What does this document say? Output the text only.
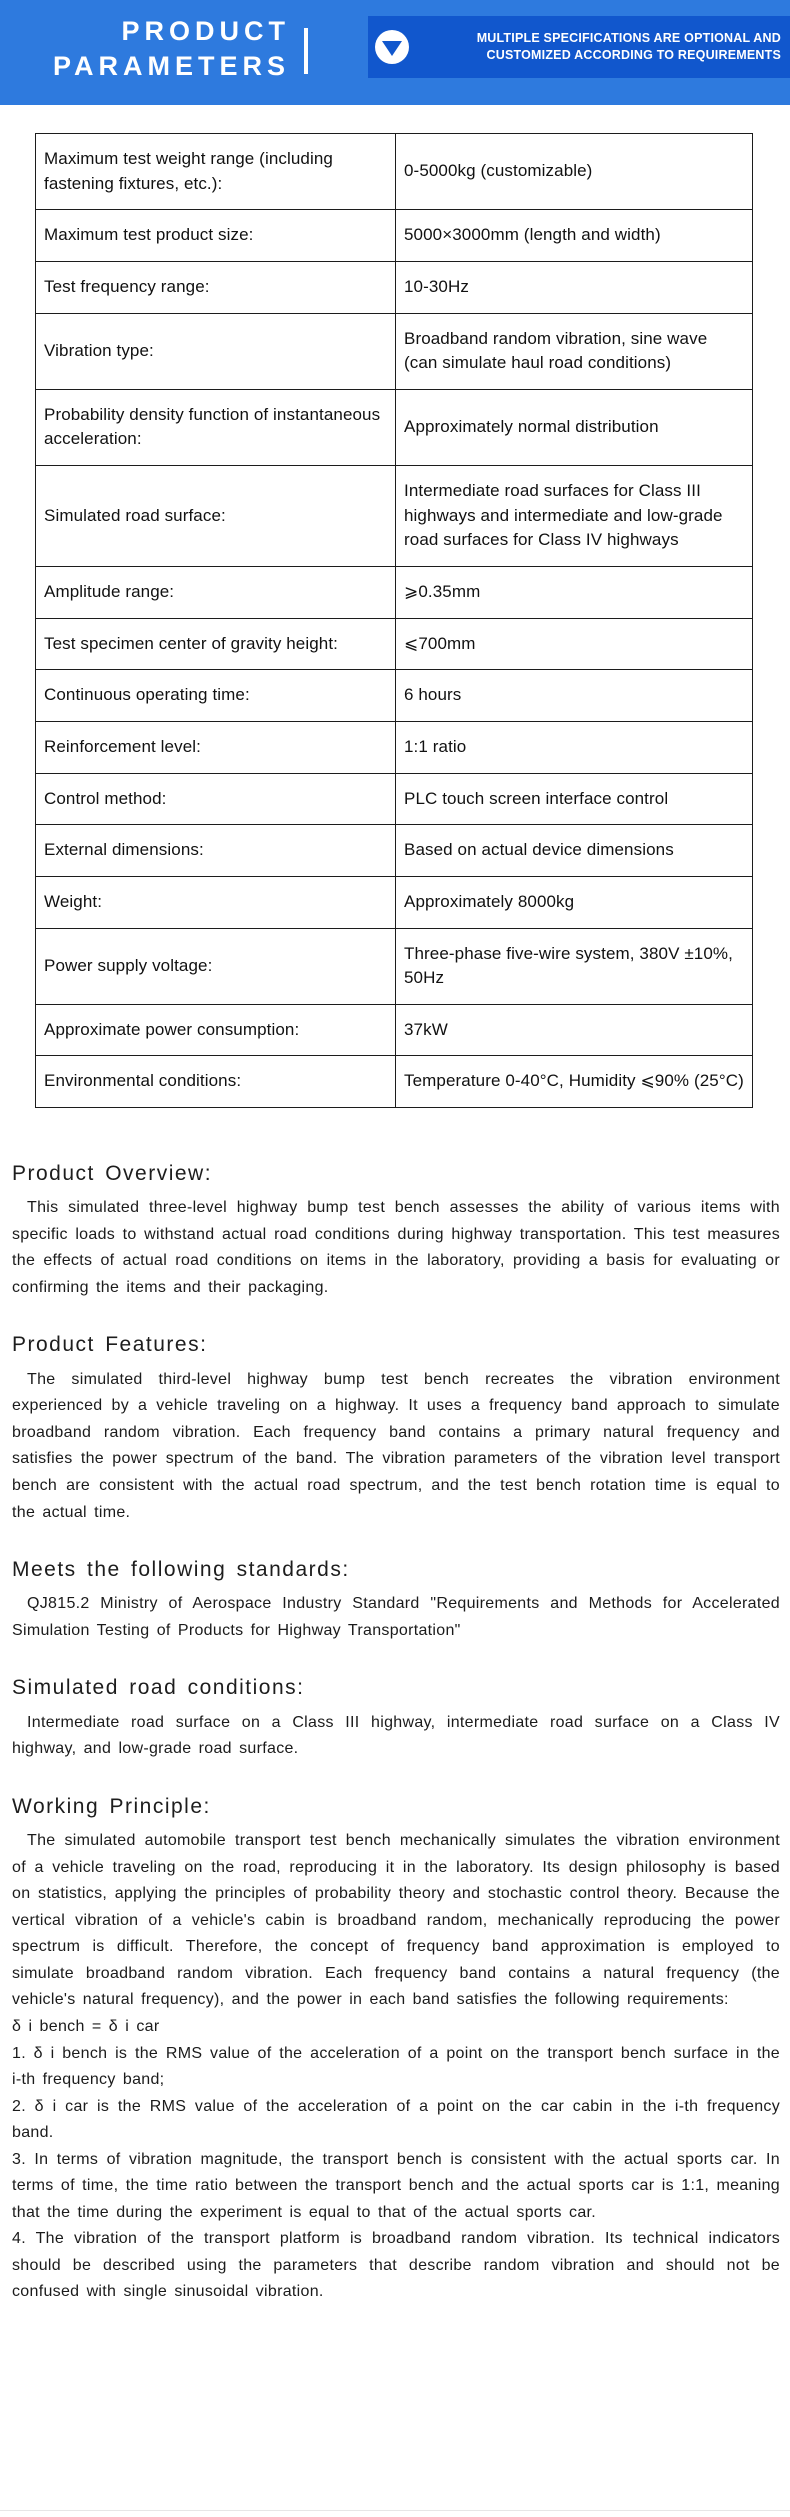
PRODUCT
PARAMETERS
MULTIPLE SPECIFICATIONS ARE OPTIONAL AND
CUSTOMIZED ACCORDING TO REQUIREMENTS
Maximum test weight range (including fastening fixtures, etc.):	0-5000kg (customizable)
Maximum test product size:	5000×3000mm (length and width)
Test frequency range:	10-30Hz
Vibration type:	Broadband random vibration, sine wave (can simulate haul road conditions)
Probability density function of instantaneous acceleration:	Approximately normal distribution
Simulated road surface:	Intermediate road surfaces for Class III highways and intermediate and low-grade road surfaces for Class IV highways
Amplitude range:	⩾0.35mm
Test specimen center of gravity height:	⩽700mm
Continuous operating time:	6 hours
Reinforcement level:	1:1 ratio
Control method:	PLC touch screen interface control
External dimensions:	Based on actual device dimensions
Weight:	Approximately 8000kg
Power supply voltage:	Three-phase five-wire system, 380V ±10%, 50Hz
Approximate power consumption:	37kW
Environmental conditions:	Temperature 0-40°C, Humidity ⩽90% (25°C)
Product Overview:

This simulated three-level highway bump test bench assesses the ability of various items with specific loads to withstand actual road conditions during highway transportation. This test measures the effects of actual road conditions on items in the laboratory, providing a basis for evaluating or confirming the items and their packaging.

Product Features:

The simulated third-level highway bump test bench recreates the vibration environment experienced by a vehicle traveling on a highway. It uses a frequency band approach to simulate broadband random vibration. Each frequency band contains a primary natural frequency and satisfies the power spectrum of the band. The vibration parameters of the vibration level transport bench are consistent with the actual road spectrum, and the test bench rotation time is equal to the actual time.

Meets the following standards:

QJ815.2 Ministry of Aerospace Industry Standard "Requirements and Methods for Accelerated Simulation Testing of Products for Highway Transportation"

Simulated road conditions:

Intermediate road surface on a Class III highway, intermediate road surface on a Class IV highway, and low-grade road surface.

Working Principle:

The simulated automobile transport test bench mechanically simulates the vibration environment of a vehicle traveling on the road, reproducing it in the laboratory. Its design philosophy is based on statistics, applying the principles of probability theory and stochastic control theory. Because the vertical vibration of a vehicle's cabin is broadband random, mechanically reproducing the power spectrum is difficult. Therefore, the concept of frequency band approximation is employed to simulate broadband random vibration. Each frequency band contains a natural frequency (the vehicle's natural frequency), and the power in each band satisfies the following requirements:

δ i bench = δ i car

1. δ i bench is the RMS value of the acceleration of a point on the transport bench surface in the i-th frequency band;

2. δ i car is the RMS value of the acceleration of a point on the car cabin in the i-th frequency band.

3. In terms of vibration magnitude, the transport bench is consistent with the actual sports car. In terms of time, the time ratio between the transport bench and the actual sports car is 1:1, meaning that the time during the experiment is equal to that of the actual sports car.

4. The vibration of the transport platform is broadband random vibration. Its technical indicators should be described using the parameters that describe random vibration and should not be confused with single sinusoidal vibration.
